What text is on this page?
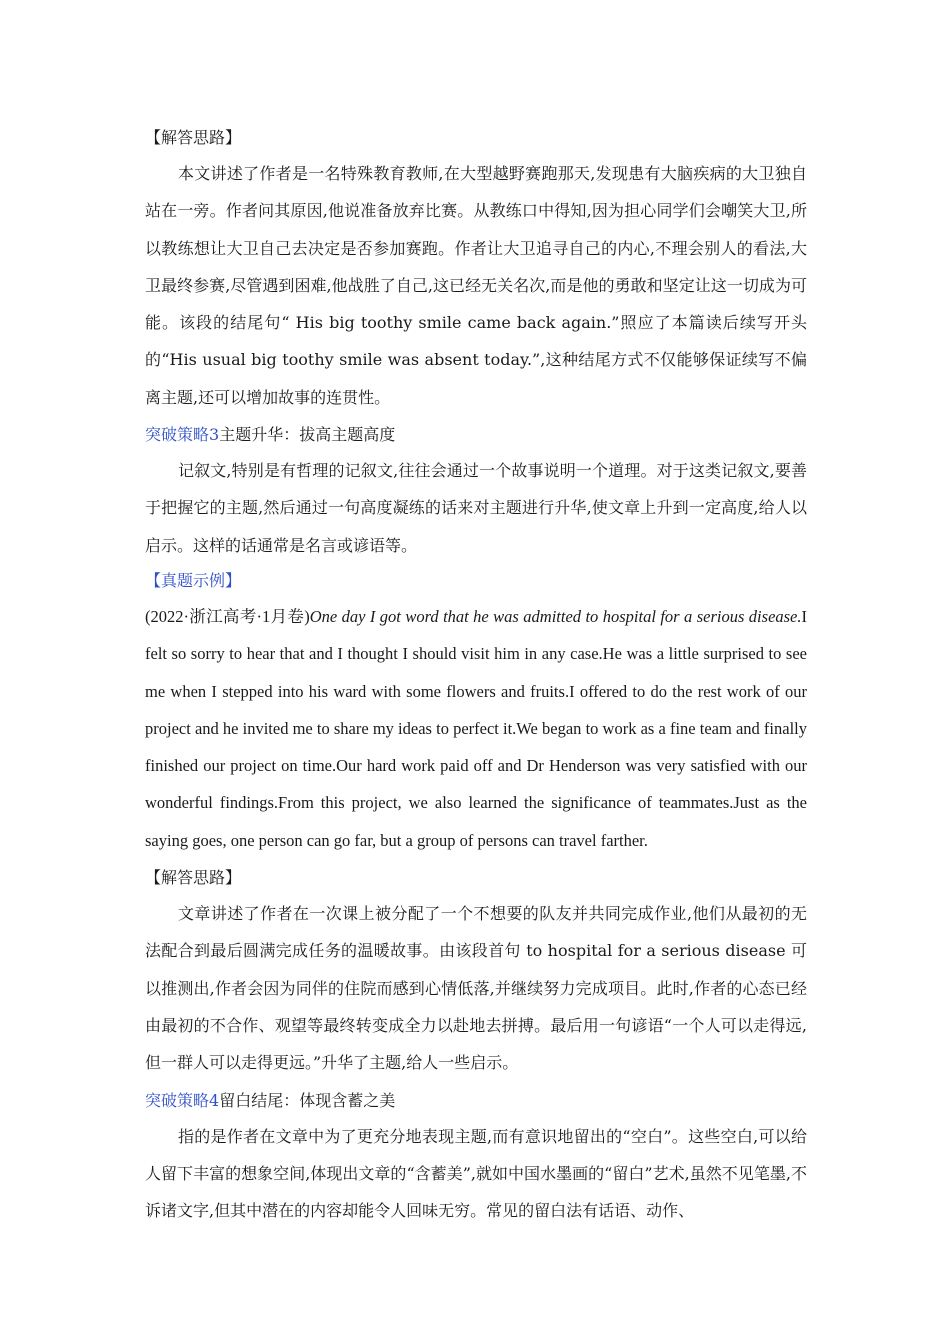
【解答思路】

本文讲述了作者是一名特殊教育教师,在大型越野赛跑那天,发现患有大脑疾病的大卫独自站在一旁。作者问其原因,他说准备放弃比赛。从教练口中得知,因为担心同学们会嘲笑大卫,所以教练想让大卫自己去决定是否参加赛跑。作者让大卫追寻自己的内心,不理会别人的看法,大卫最终参赛,尽管遇到困难,他战胜了自己,这已经无关名次,而是他的勇敢和坚定让这一切成为可能。该段的结尾句“ His big toothy smile came back again.”照应了本篇读后续写开头的“His usual big toothy smile was absent today.”,这种结尾方式不仅能够保证续写不偏离主题,还可以增加故事的连贯性。

突破策略3主题升华：拔高主题高度

记叙文,特别是有哲理的记叙文,往往会通过一个故事说明一个道理。对于这类记叙文,要善于把握它的主题,然后通过一句高度凝练的话来对主题进行升华,使文章上升到一定高度,给人以启示。这样的话通常是名言或谚语等。

【真题示例】

(2022·浙江高考·1月卷)One day I got word that he was admitted to hospital for a serious disease.I felt so sorry to hear that and I thought I should visit him in any case.He was a little surprised to see me when I stepped into his ward with some flowers and fruits.I offered to do the rest work of our project and he invited me to share my ideas to perfect it.We began to work as a fine team and finally finished our project on time.Our hard work paid off and Dr Henderson was very satisfied with our wonderful findings.From this project, we also learned the significance of teammates.Just as the saying goes, one person can go far, but a group of persons can travel farther.

【解答思路】

文章讲述了作者在一次课上被分配了一个不想要的队友并共同完成作业,他们从最初的无法配合到最后圆满完成任务的温暖故事。由该段首句 to hospital for a serious disease 可以推测出,作者会因为同伴的住院而感到心情低落,并继续努力完成项目。此时,作者的心态已经由最初的不合作、观望等最终转变成全力以赴地去拼搏。最后用一句谚语“一个人可以走得远,但一群人可以走得更远。”升华了主题,给人一些启示。

突破策略4留白结尾：体现含蓄之美

指的是作者在文章中为了更充分地表现主题,而有意识地留出的“空白”。这些空白,可以给人留下丰富的想象空间,体现出文章的“含蓄美”,就如中国水墨画的“留白”艺术,虽然不见笔墨,不诉诸文字,但其中潜在的内容却能令人回味无穷。常见的留白法有话语、动作、
